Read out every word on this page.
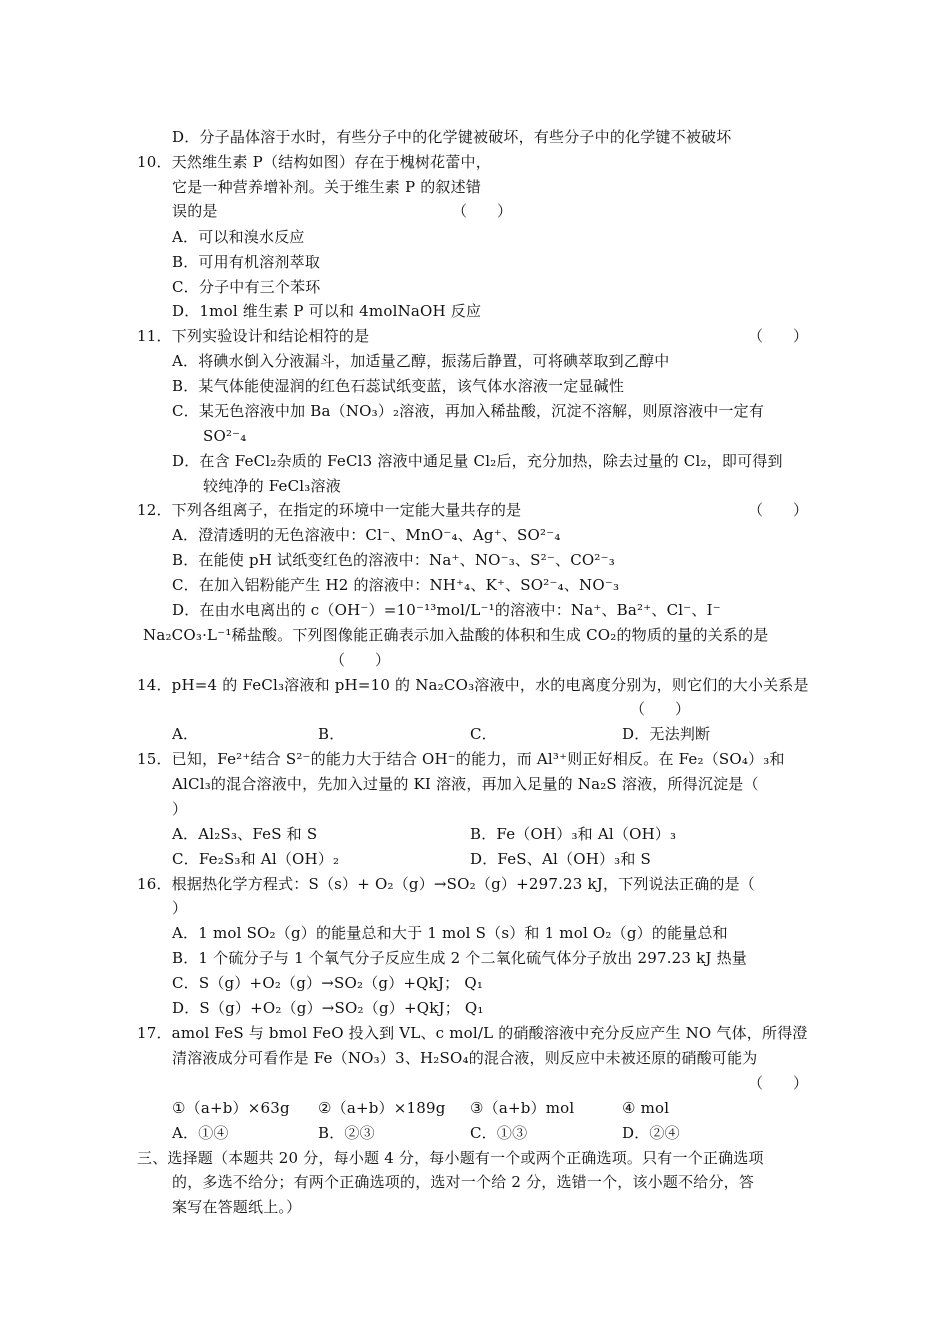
D．分子晶体溶于水时，有些分子中的化学键被破坏，有些分子中的化学键不被破坏
10．天然维生素 P（结构如图）存在于槐树花蕾中，
它是一种营养增补剂。关于维生素 P 的叙述错
误的是	（　　）
A．可以和溴水反应
B．可用有机溶剂萃取
C．分子中有三个苯环
D．1mol 维生素 P 可以和 4molNaOH 反应
11．下列实验设计和结论相符的是	（　　）
A．将碘水倒入分液漏斗，加适量乙醇，振荡后静置，可将碘萃取到乙醇中
B．某气体能使湿润的红色石蕊试纸变蓝，该气体水溶液一定显碱性
C．某无色溶液中加 Ba（NO₃）₂溶液，再加入稀盐酸，沉淀不溶解，则原溶液中一定有
SO²⁻₄
D．在含 FeCl₂杂质的 FeCl3 溶液中通足量 Cl₂后，充分加热，除去过量的 Cl₂，即可得到
较纯净的 FeCl₃溶液
12．下列各组离子，在指定的环境中一定能大量共存的是	（　　）
A．澄清透明的无色溶液中：Cl⁻、MnO⁻₄、Ag⁺、SO²⁻₄
B．在能使 pH 试纸变红色的溶液中：Na⁺、NO⁻₃、S²⁻、CO²⁻₃
C．在加入铝粉能产生 H2 的溶液中：NH⁺₄、K⁺、SO²⁻₄、NO⁻₃
D．在由水电离出的 c（OH⁻）=10⁻¹³mol/L⁻¹的溶液中：Na⁺、Ba²⁺、Cl⁻、I⁻
Na₂CO₃·L⁻¹稀盐酸。下列图像能正确表示加入盐酸的体积和生成 CO₂的物质的量的关系的是
（　　）
14．pH=4 的 FeCl₃溶液和 pH=10 的 Na₂CO₃溶液中，水的电离度分别为，则它们的大小关系是
（　　）
A．	B．	C．	D．无法判断
15．已知，Fe²⁺结合 S²⁻的能力大于结合 OH⁻的能力，而 Al³⁺则正好相反。在 Fe₂（SO₄）₃和
AlCl₃的混合溶液中，先加入过量的 KI 溶液，再加入足量的 Na₂S 溶液，所得沉淀是（
）
A．Al₂S₃、FeS 和 S	B．Fe（OH）₃和 Al（OH）₃
C．Fe₂S₃和 Al（OH）₂	D．FeS、Al（OH）₃和 S
16．根据热化学方程式：S（s）+ O₂（g）→SO₂（g）+297.23 kJ，下列说法正确的是（
）
A．1 mol SO₂（g）的能量总和大于 1 mol S（s）和 1 mol O₂（g）的能量总和
B．1 个硫分子与 1 个氧气分子反应生成 2 个二氧化硫气体分子放出 297.23 kJ 热量
C．S（g）+O₂（g）→SO₂（g）+QkJ； Q₁
D．S（g）+O₂（g）→SO₂（g）+QkJ； Q₁
17．amol FeS 与 bmol FeO 投入到 VL、c mol/L 的硝酸溶液中充分反应产生 NO 气体，所得澄
清溶液成分可看作是 Fe（NO₃）3、H₂SO₄的混合液，则反应中未被还原的硝酸可能为
（　　）
①（a+b）×63g ②（a+b）×189g ③（a+b）mol	④ mol
A．①④	B．②③	C．①③	D．②④
三、选择题（本题共 20 分，每小题 4 分，每小题有一个或两个正确选项。只有一个正确选项
的，多选不给分；有两个正确选项的，选对一个给 2 分，选错一个，该小题不给分，答
案写在答题纸上。）
